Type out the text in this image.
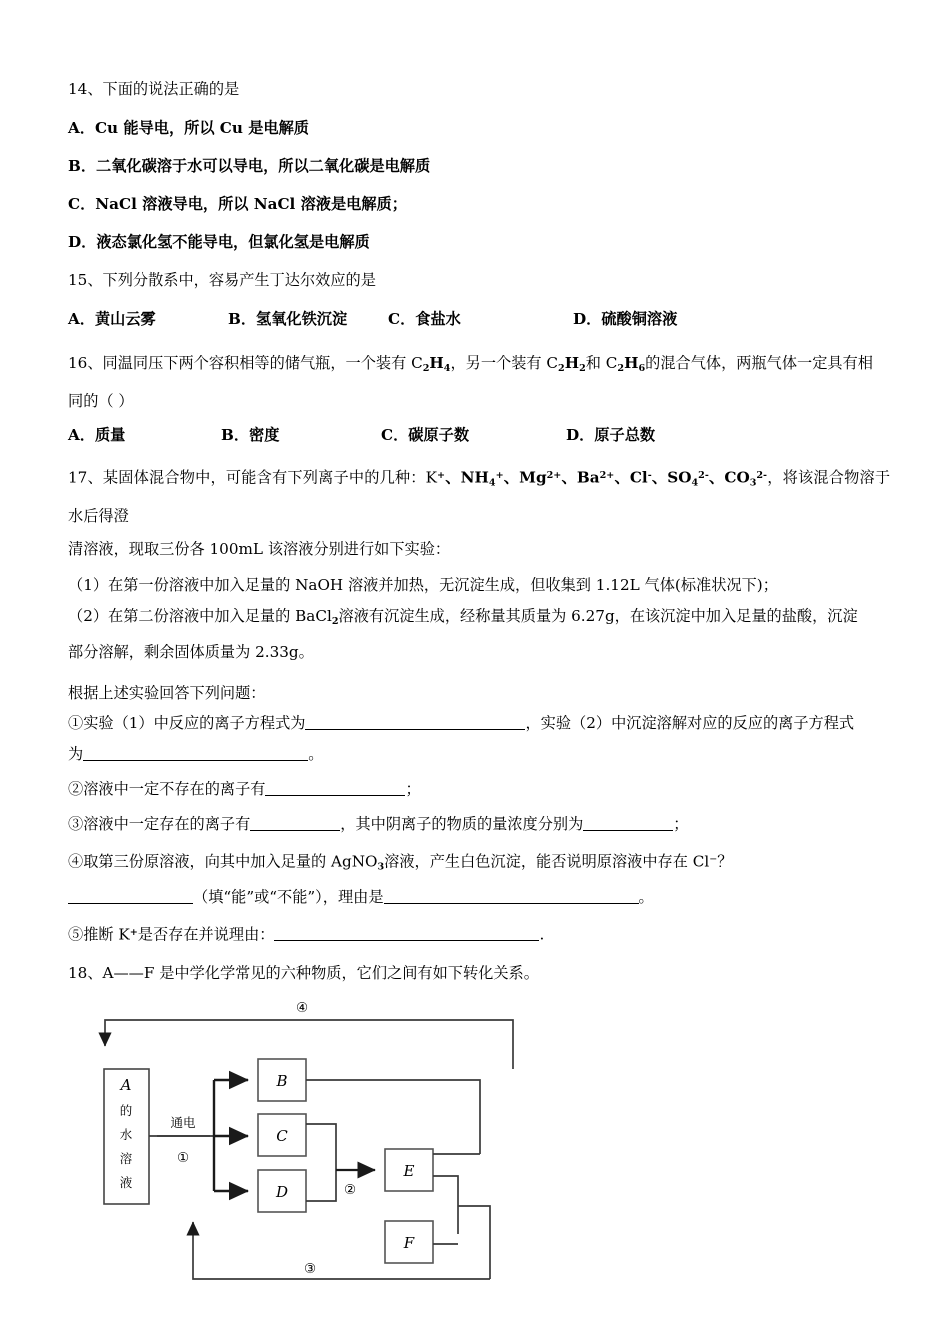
14、下面的说法正确的是
A．Cu 能导电，所以 Cu 是电解质
B．二氧化碳溶于水可以导电，所以二氧化碳是电解质
C．NaCl 溶液导电，所以 NaCl 溶液是电解质；
D．液态氯化氢不能导电，但氯化氢是电解质
15、下列分散系中，容易产生丁达尔效应的是
A．黄山云雾	B．氢氧化铁沉淀	C．食盐水	D．硫酸铜溶液
16、同温同压下两个容积相等的储气瓶，一个装有 $C_2H_4$，另一个装有 $C_2H_2$和 $C_2H_6$的混合气体，两瓶气体一定具有相
同的（ ）
A．质量	B．密度	C．碳原子数	D．原子总数
17、某固体混合物中，可能含有下列离子中的几种：K+、$NH_4^+$、$Mg^{2+}$、$Ba^{2+}$、Cl-、$SO_4^{2-}$、$CO_3^{2-}$，将该混合物溶于水后得澄
清溶液，现取三份各 100mL 该溶液分别进行如下实验：
（1）在第一份溶液中加入足量的 NaOH 溶液并加热，无沉淀生成，但收集到 1.12L 气体(标准状况下)；
（2）在第二份溶液中加入足量的 BaCl$_2$溶液有沉淀生成，经称量其质量为 6.27g，在该沉淀中加入足量的盐酸，沉淀
部分溶解，剩余固体质量为 2.33g。
根据上述实验回答下列问题：
①实验（1）中反应的离子方程式为	，实验（2）中沉淀溶解对应的反应的离子方程式
为	。
②溶液中一定不存在的离子有	；
③溶液中一定存在的离子有	，其中阴离子的物质的量浓度分别为	；
④取第三份原溶液，向其中加入足量的 AgNO$_3$溶液，产生白色沉淀，能否说明原溶液中存在 Cl−？
（填“能”或“不能”），理由是	。
⑤推断 K+是否存在并说理由：	.
18、A——F 是中学化学常见的六种物质，它们之间有如下转化关系。
A
的
水
溶
液
B
C
D
E
F
通电
①
②
③
④
